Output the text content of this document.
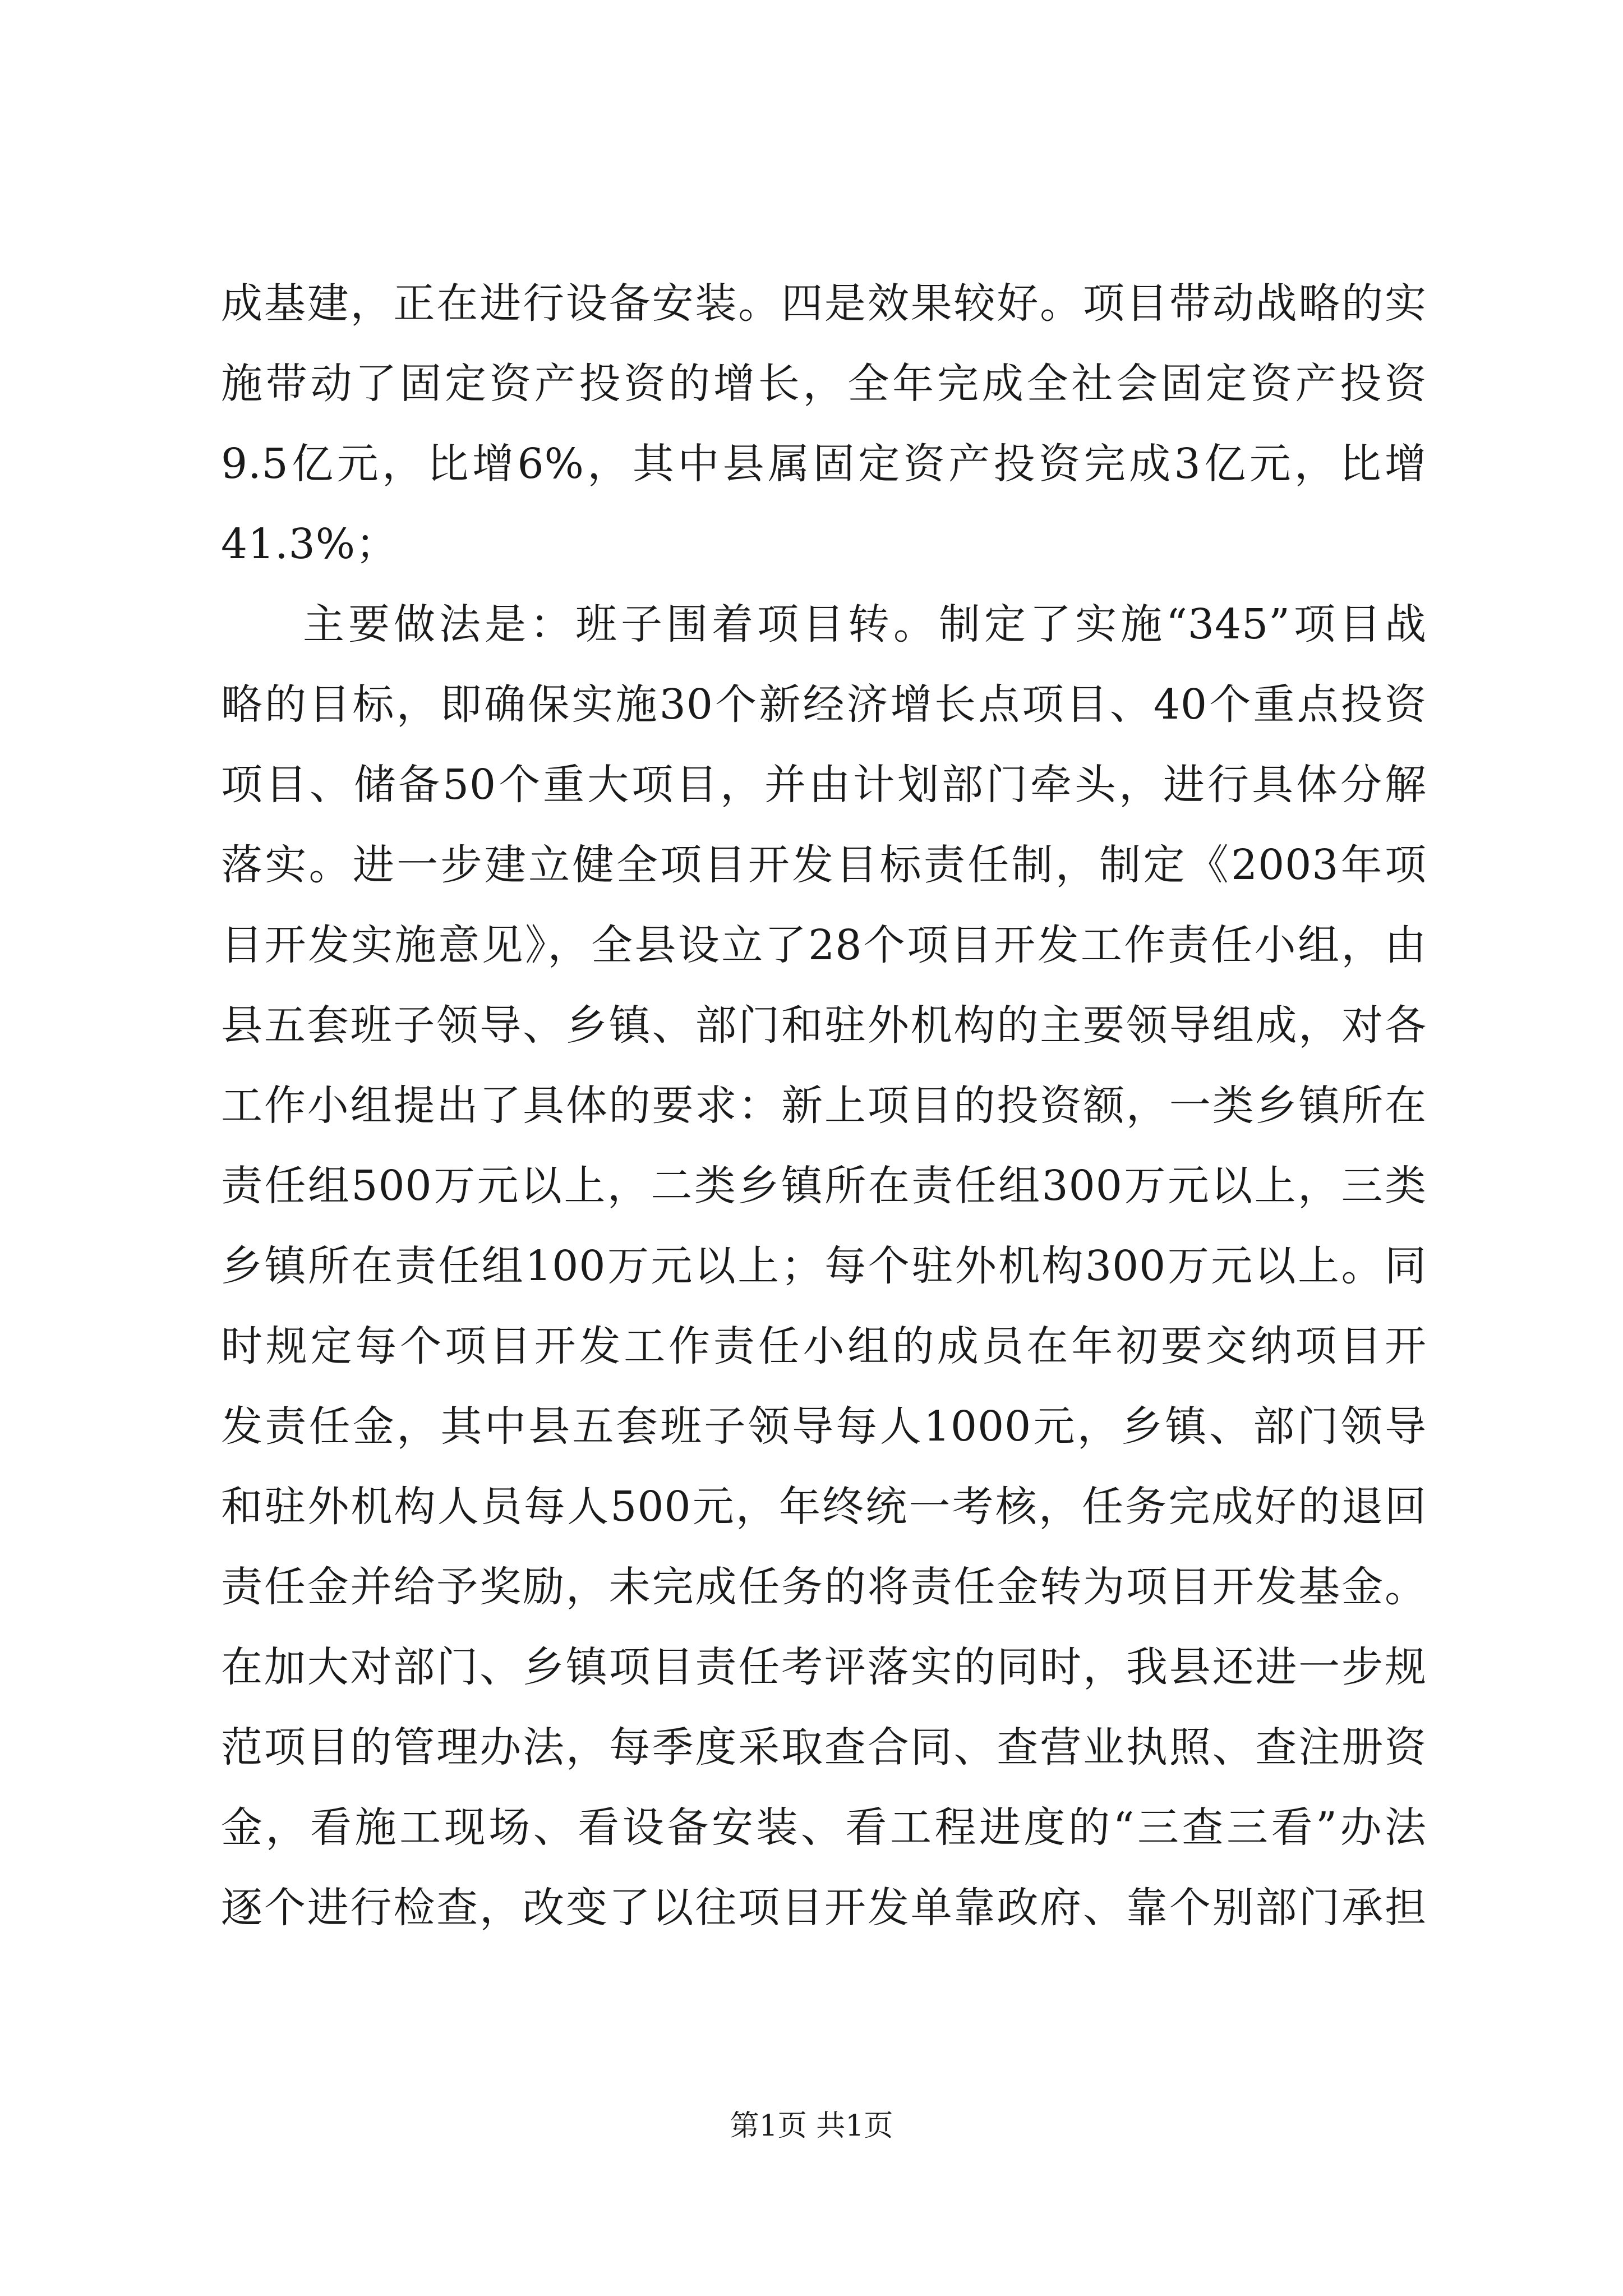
成基建，正在进行设备安装。四是效果较好。项目带动战略的实
施带动了固定资产投资的增长，全年完成全社会固定资产投资
9.5亿元，比增6%，其中县属固定资产投资完成3亿元，比增
41.3%；
主要做法是：班子围着项目转。制定了实施“345”项目战
略的目标，即确保实施30个新经济增长点项目、40个重点投资
项目、储备50个重大项目，并由计划部门牵头，进行具体分解
落实。进一步建立健全项目开发目标责任制，制定《2003年项
目开发实施意见》，全县设立了28个项目开发工作责任小组，由
县五套班子领导、乡镇、部门和驻外机构的主要领导组成，对各
工作小组提出了具体的要求：新上项目的投资额，一类乡镇所在
责任组500万元以上，二类乡镇所在责任组300万元以上，三类
乡镇所在责任组100万元以上；每个驻外机构300万元以上。同
时规定每个项目开发工作责任小组的成员在年初要交纳项目开
发责任金，其中县五套班子领导每人1000元，乡镇、部门领导
和驻外机构人员每人500元，年终统一考核，任务完成好的退回
责任金并给予奖励，未完成任务的将责任金转为项目开发基金。
在加大对部门、乡镇项目责任考评落实的同时，我县还进一步规
范项目的管理办法，每季度采取查合同、查营业执照、查注册资
金，看施工现场、看设备安装、看工程进度的“三查三看”办法
逐个进行检查，改变了以往项目开发单靠政府、靠个别部门承担
第1页 共1页
